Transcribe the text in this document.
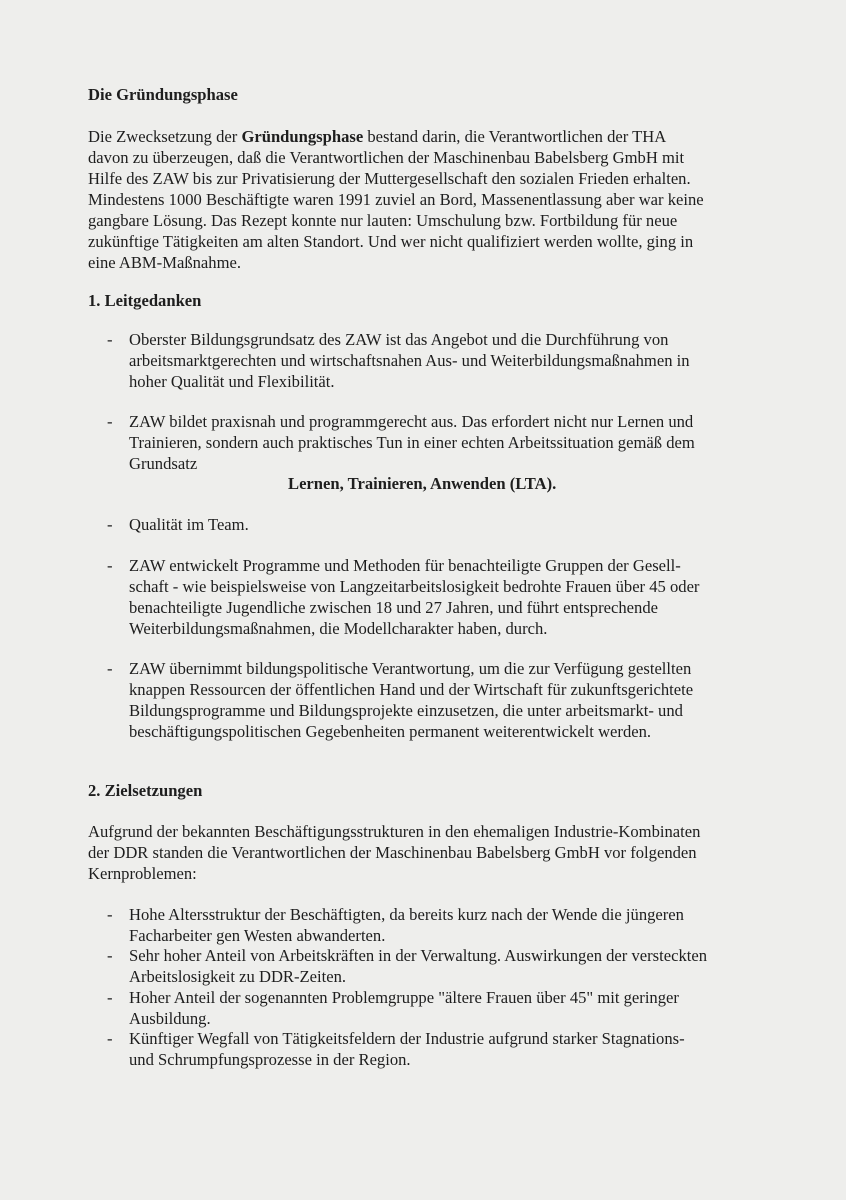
Die Gründungsphase
Die Zwecksetzung der Gründungsphase bestand darin, die Verantwortlichen der THA
davon zu überzeugen, daß die Verantwortlichen der Maschinenbau Babelsberg GmbH mit
Hilfe des ZAW bis zur Privatisierung der Muttergesellschaft den sozialen Frieden erhalten.
Mindestens 1000 Beschäftigte waren 1991 zuviel an Bord, Massenentlassung aber war keine
gangbare Lösung. Das Rezept konnte nur lauten: Umschulung bzw. Fortbildung für neue
zukünftige Tätigkeiten am alten Standort. Und wer nicht qualifiziert werden wollte, ging in
eine ABM-Maßnahme.
1. Leitgedanken
- Oberster Bildungsgrundsatz des ZAW ist das Angebot und die Durchführung von
arbeitsmarktgerechten und wirtschaftsnahen Aus- und Weiterbildungsmaßnahmen in
hoher Qualität und Flexibilität.
- ZAW bildet praxisnah und programmgerecht aus. Das erfordert nicht nur Lernen und
Trainieren, sondern auch praktisches Tun in einer echten Arbeitssituation gemäß dem
Grundsatz
Lernen, Trainieren, Anwenden (LTA).
- Qualität im Team.
- ZAW entwickelt Programme und Methoden für benachteiligte Gruppen der Gesell-
schaft - wie beispielsweise von Langzeitarbeitslosigkeit bedrohte Frauen über 45 oder
benachteiligte Jugendliche zwischen 18 und 27 Jahren, und führt entsprechende
Weiterbildungsmaßnahmen, die Modellcharakter haben, durch.
- ZAW übernimmt bildungspolitische Verantwortung, um die zur Verfügung gestellten
knappen Ressourcen der öffentlichen Hand und der Wirtschaft für zukunftsgerichtete
Bildungsprogramme und Bildungsprojekte einzusetzen, die unter arbeitsmarkt- und
beschäftigungspolitischen Gegebenheiten permanent weiterentwickelt werden.
2. Zielsetzungen
Aufgrund der bekannten Beschäftigungsstrukturen in den ehemaligen Industrie-Kombinaten
der DDR standen die Verantwortlichen der Maschinenbau Babelsberg GmbH vor folgenden
Kernproblemen:
- Hohe Altersstruktur der Beschäftigten, da bereits kurz nach der Wende die jüngeren
Facharbeiter gen Westen abwanderten.
- Sehr hoher Anteil von Arbeitskräften in der Verwaltung. Auswirkungen der versteckten
Arbeitslosigkeit zu DDR-Zeiten.
- Hoher Anteil der sogenannten Problemgruppe "ältere Frauen über 45" mit geringer
Ausbildung.
- Künftiger Wegfall von Tätigkeitsfeldern der Industrie aufgrund starker Stagnations-
und Schrumpfungsprozesse in der Region.
